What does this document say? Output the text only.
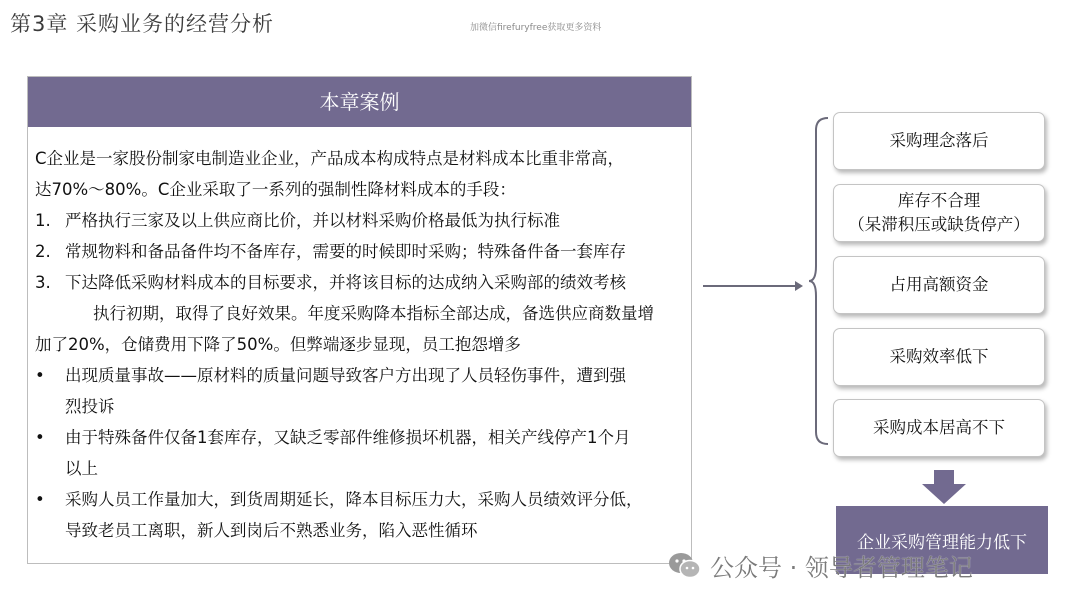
第3章 采购业务的经营分析	加微信firefuryfree获取更多资料
本章案例
C企业是一家股份制家电制造业企业，产品成本构成特点是材料成本比重非常高，
达70%～80%。C企业采取了一系列的强制性降材料成本的手段：
1. 严格执行三家及以上供应商比价，并以材料采购价格最低为执行标准
2. 常规物料和备品备件均不备库存，需要的时候即时采购；特殊备件备一套库存
3. 下达降低采购材料成本的目标要求，并将该目标的达成纳入采购部的绩效考核
执行初期，取得了良好效果。年度采购降本指标全部达成，备选供应商数量增
加了20%，仓储费用下降了50%。但弊端逐步显现，员工抱怨增多
•	出现质量事故——原材料的质量问题导致客户方出现了人员轻伤事件，遭到强
烈投诉
•	由于特殊备件仅备1套库存，又缺乏零部件维修损坏机器，相关产线停产1个月
以上
•	采购人员工作量加大，到货周期延长，降本目标压力大，采购人员绩效评分低，
导致老员工离职，新人到岗后不熟悉业务，陷入恶性循环
采购理念落后
库存不合理
（呆滞积压或缺货停产）
占用高额资金
采购效率低下
采购成本居高不下
企业采购管理能力低下
公众号 · 领导者管理笔记
